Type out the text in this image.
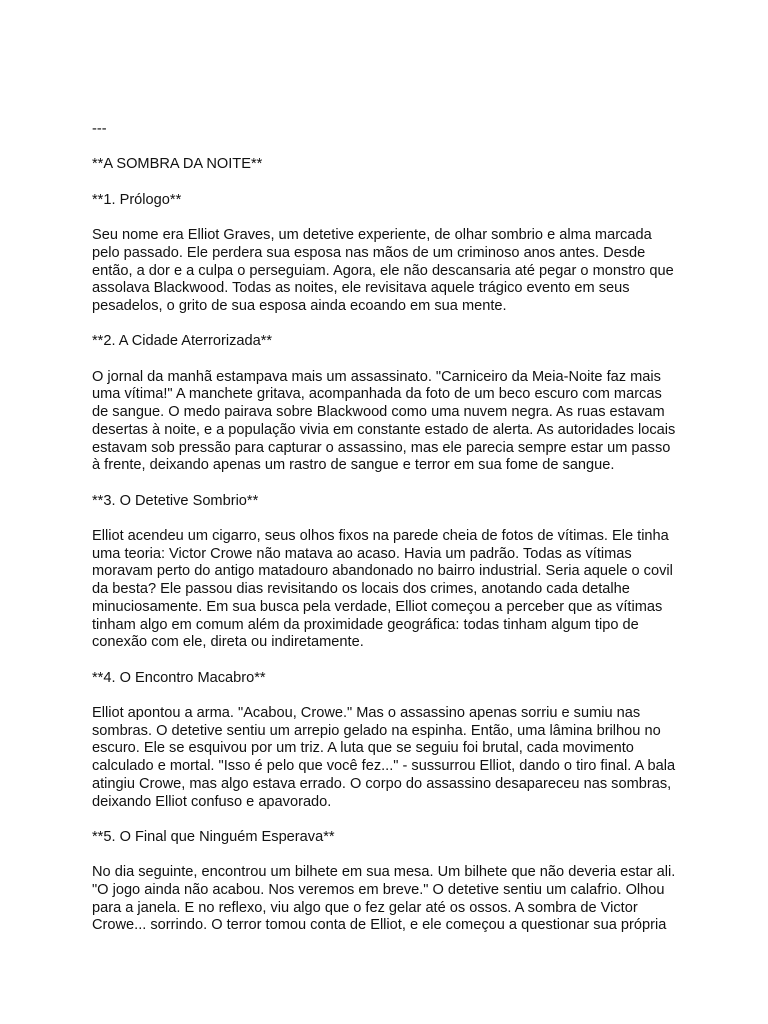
---

**A SOMBRA DA NOITE**

**1. Prólogo**

Seu nome era Elliot Graves, um detetive experiente, de olhar sombrio e alma marcada pelo passado. Ele perdera sua esposa nas mãos de um criminoso anos antes. Desde então, a dor e a culpa o perseguiam. Agora, ele não descansaria até pegar o monstro que assolava Blackwood. Todas as noites, ele revisitava aquele trágico evento em seus pesadelos, o grito de sua esposa ainda ecoando em sua mente.

**2. A Cidade Aterrorizada**

O jornal da manhã estampava mais um assassinato. "Carniceiro da Meia-Noite faz mais uma vítima!" A manchete gritava, acompanhada da foto de um beco escuro com marcas de sangue. O medo pairava sobre Blackwood como uma nuvem negra. As ruas estavam desertas à noite, e a população vivia em constante estado de alerta. As autoridades locais estavam sob pressão para capturar o assassino, mas ele parecia sempre estar um passo à frente, deixando apenas um rastro de sangue e terror em sua fome de sangue.

**3. O Detetive Sombrio**

Elliot acendeu um cigarro, seus olhos fixos na parede cheia de fotos de vítimas. Ele tinha uma teoria: Victor Crowe não matava ao acaso. Havia um padrão. Todas as vítimas moravam perto do antigo matadouro abandonado no bairro industrial. Seria aquele o covil da besta? Ele passou dias revisitando os locais dos crimes, anotando cada detalhe minuciosamente. Em sua busca pela verdade, Elliot começou a perceber que as vítimas tinham algo em comum além da proximidade geográfica: todas tinham algum tipo de conexão com ele, direta ou indiretamente.

**4. O Encontro Macabro**

Elliot apontou a arma. "Acabou, Crowe." Mas o assassino apenas sorriu e sumiu nas sombras. O detetive sentiu um arrepio gelado na espinha. Então, uma lâmina brilhou no escuro. Ele se esquivou por um triz. A luta que se seguiu foi brutal, cada movimento calculado e mortal. "Isso é pelo que você fez..." - sussurrou Elliot, dando o tiro final. A bala atingiu Crowe, mas algo estava errado. O corpo do assassino desapareceu nas sombras, deixando Elliot confuso e apavorado.

**5. O Final que Ninguém Esperava**

No dia seguinte, encontrou um bilhete em sua mesa. Um bilhete que não deveria estar ali. "O jogo ainda não acabou. Nos veremos em breve." O detetive sentiu um calafrio. Olhou para a janela. E no reflexo, viu algo que o fez gelar até os ossos. A sombra de Victor Crowe... sorrindo. O terror tomou conta de Elliot, e ele começou a questionar sua própria
